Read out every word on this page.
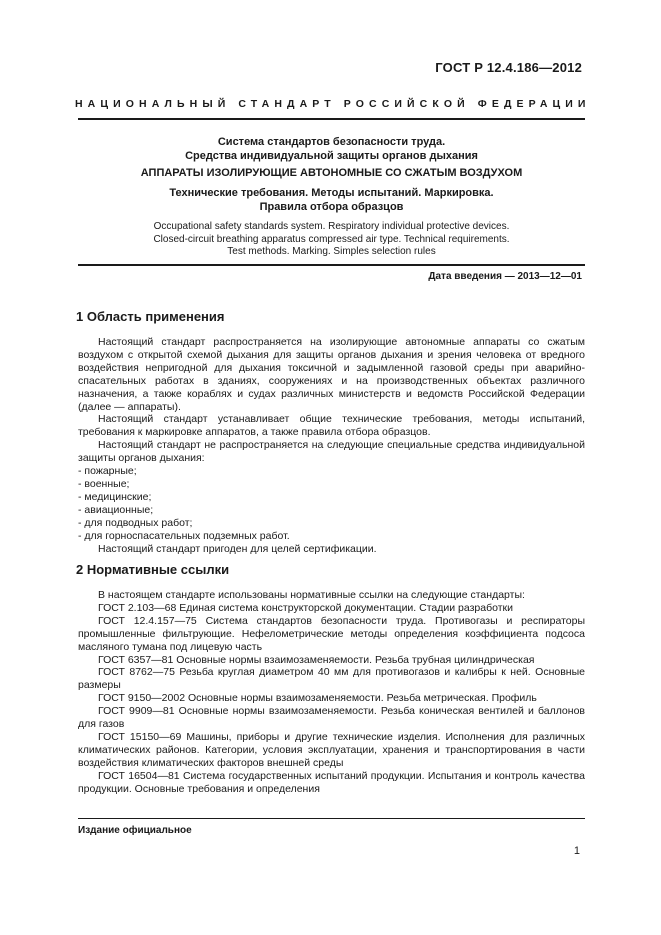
ГОСТ Р 12.4.186—2012
НАЦИОНАЛЬНЫЙ СТАНДАРТ РОССИЙСКОЙ ФЕДЕРАЦИИ
Система стандартов безопасности труда.
Средства индивидуальной защиты органов дыхания
АППАРАТЫ ИЗОЛИРУЮЩИЕ АВТОНОМНЫЕ СО СЖАТЫМ ВОЗДУХОМ
Технические требования. Методы испытаний. Маркировка.
Правила отбора образцов
Occupational safety standards system. Respiratory individual protective devices.
Closed-circuit breathing apparatus compressed air type. Technical requirements.
Test methods. Marking. Simples selection rules
Дата введения — 2013—12—01
1 Область применения

Настоящий стандарт распространяется на изолирующие автономные аппараты со сжатым воздухом с открытой схемой дыхания для защиты органов дыхания и зрения человека от вредного воздействия непригодной для дыхания токсичной и задымленной газовой среды при аварийно-спасательных работах в зданиях, сооружениях и на производственных объектах различного назначения, а также кораблях и судах различных министерств и ведомств Российской Федерации (далее — аппараты).

Настоящий стандарт устанавливает общие технические требования, методы испытаний, требования к маркировке аппаратов, а также правила отбора образцов.

Настоящий стандарт не распространяется на следующие специальные средства индивидуальной защиты органов дыхания:

- пожарные;
- военные;
- медицинские;
- авиационные;
- для подводных работ;
- для горноспасательных подземных работ.

Настоящий стандарт пригоден для целей сертификации.

2 Нормативные ссылки

В настоящем стандарте использованы нормативные ссылки на следующие стандарты:

ГОСТ 2.103—68 Единая система конструкторской документации. Стадии разработки

ГОСТ 12.4.157—75 Система стандартов безопасности труда. Противогазы и респираторы промышленные фильтрующие. Нефелометрические методы определения коэффициента подсоса масляного тумана под лицевую часть

ГОСТ 6357—81 Основные нормы взаимозаменяемости. Резьба трубная цилиндрическая

ГОСТ 8762—75 Резьба круглая диаметром 40 мм для противогазов и калибры к ней. Основные размеры

ГОСТ 9150—2002 Основные нормы взаимозаменяемости. Резьба метрическая. Профиль

ГОСТ 9909—81 Основные нормы взаимозаменяемости. Резьба коническая вентилей и баллонов для газов

ГОСТ 15150—69 Машины, приборы и другие технические изделия. Исполнения для различных климатических районов. Категории, условия эксплуатации, хранения и транспортирования в части воздействия климатических факторов внешней среды

ГОСТ 16504—81 Система государственных испытаний продукции. Испытания и контроль качества продукции. Основные требования и определения

Издание официальное
1
